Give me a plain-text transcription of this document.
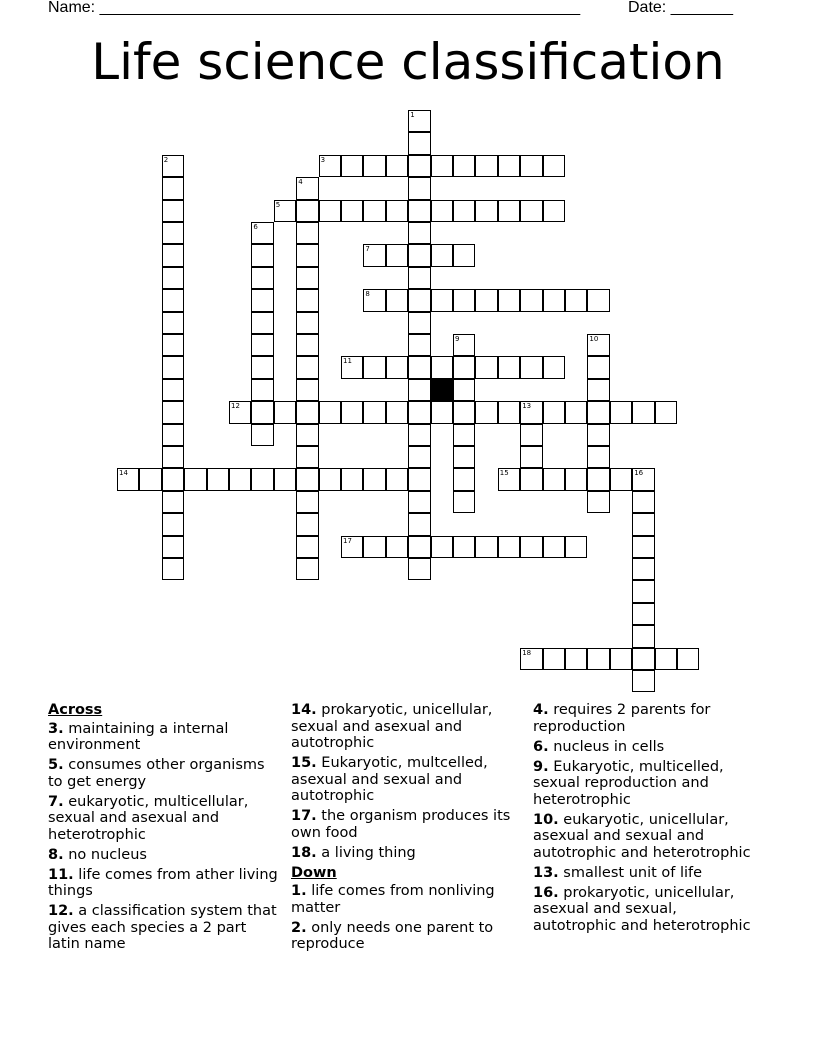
Name: ______________________________________________________	Date: _______
Life science classification
1
2	3
4
5
6
7
8
9	10
11
12	13
14	15	16
17
18
Across
3. maintaining a internal environment
5. consumes other organisms to get energy
7. eukaryotic, multicellular, sexual and asexual and heterotrophic
8. no nucleus
11. life comes from ather living things
12. a classification system that gives each species a 2 part latin name
14. prokaryotic, unicellular, sexual and asexual and autotrophic
15. Eukaryotic, multcelled, asexual and sexual and autotrophic
17. the organism produces its own food
18. a living thing
Down
1. life comes from nonliving matter
2. only needs one parent to reproduce
4. requires 2 parents for reproduction
6. nucleus in cells
9. Eukaryotic, multicelled, sexual reproduction and heterotrophic
10. eukaryotic, unicellular, asexual and sexual and autotrophic and heterotrophic
13. smallest unit of life
16. prokaryotic, unicellular, asexual and sexual, autotrophic and heterotrophic
